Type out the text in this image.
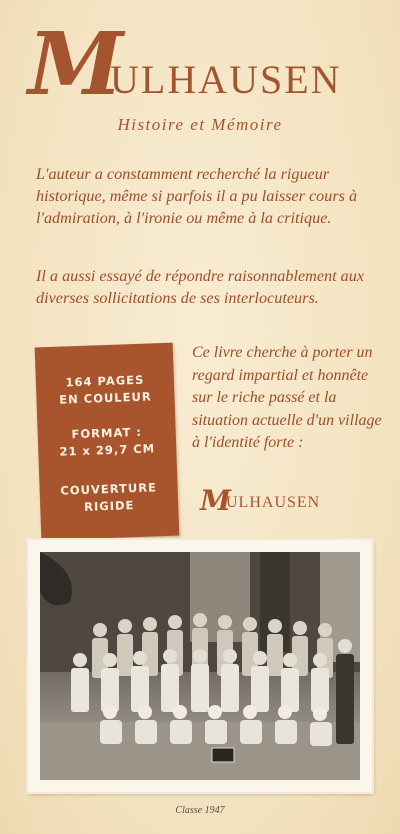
M
ULHAUSEN
Histoire et Mémoire
L'auteur a constamment recherché la rigueur historique, même si parfois il a pu laisser cours à l'admiration, à l'ironie ou même à la critique.
Il a aussi essayé de répondre raisonnablement aux diverses sollicitations de ses interlocuteurs.
164 PAGES
EN COULEUR
FORMAT :
21 x 29,7 CM
COUVERTURE
RIGIDE
Ce livre cherche à porter un regard impartial et honnête sur le riche passé et la situation actuelle d'un village à l'identité forte :
M
ULHAUSEN
Classe 1947
